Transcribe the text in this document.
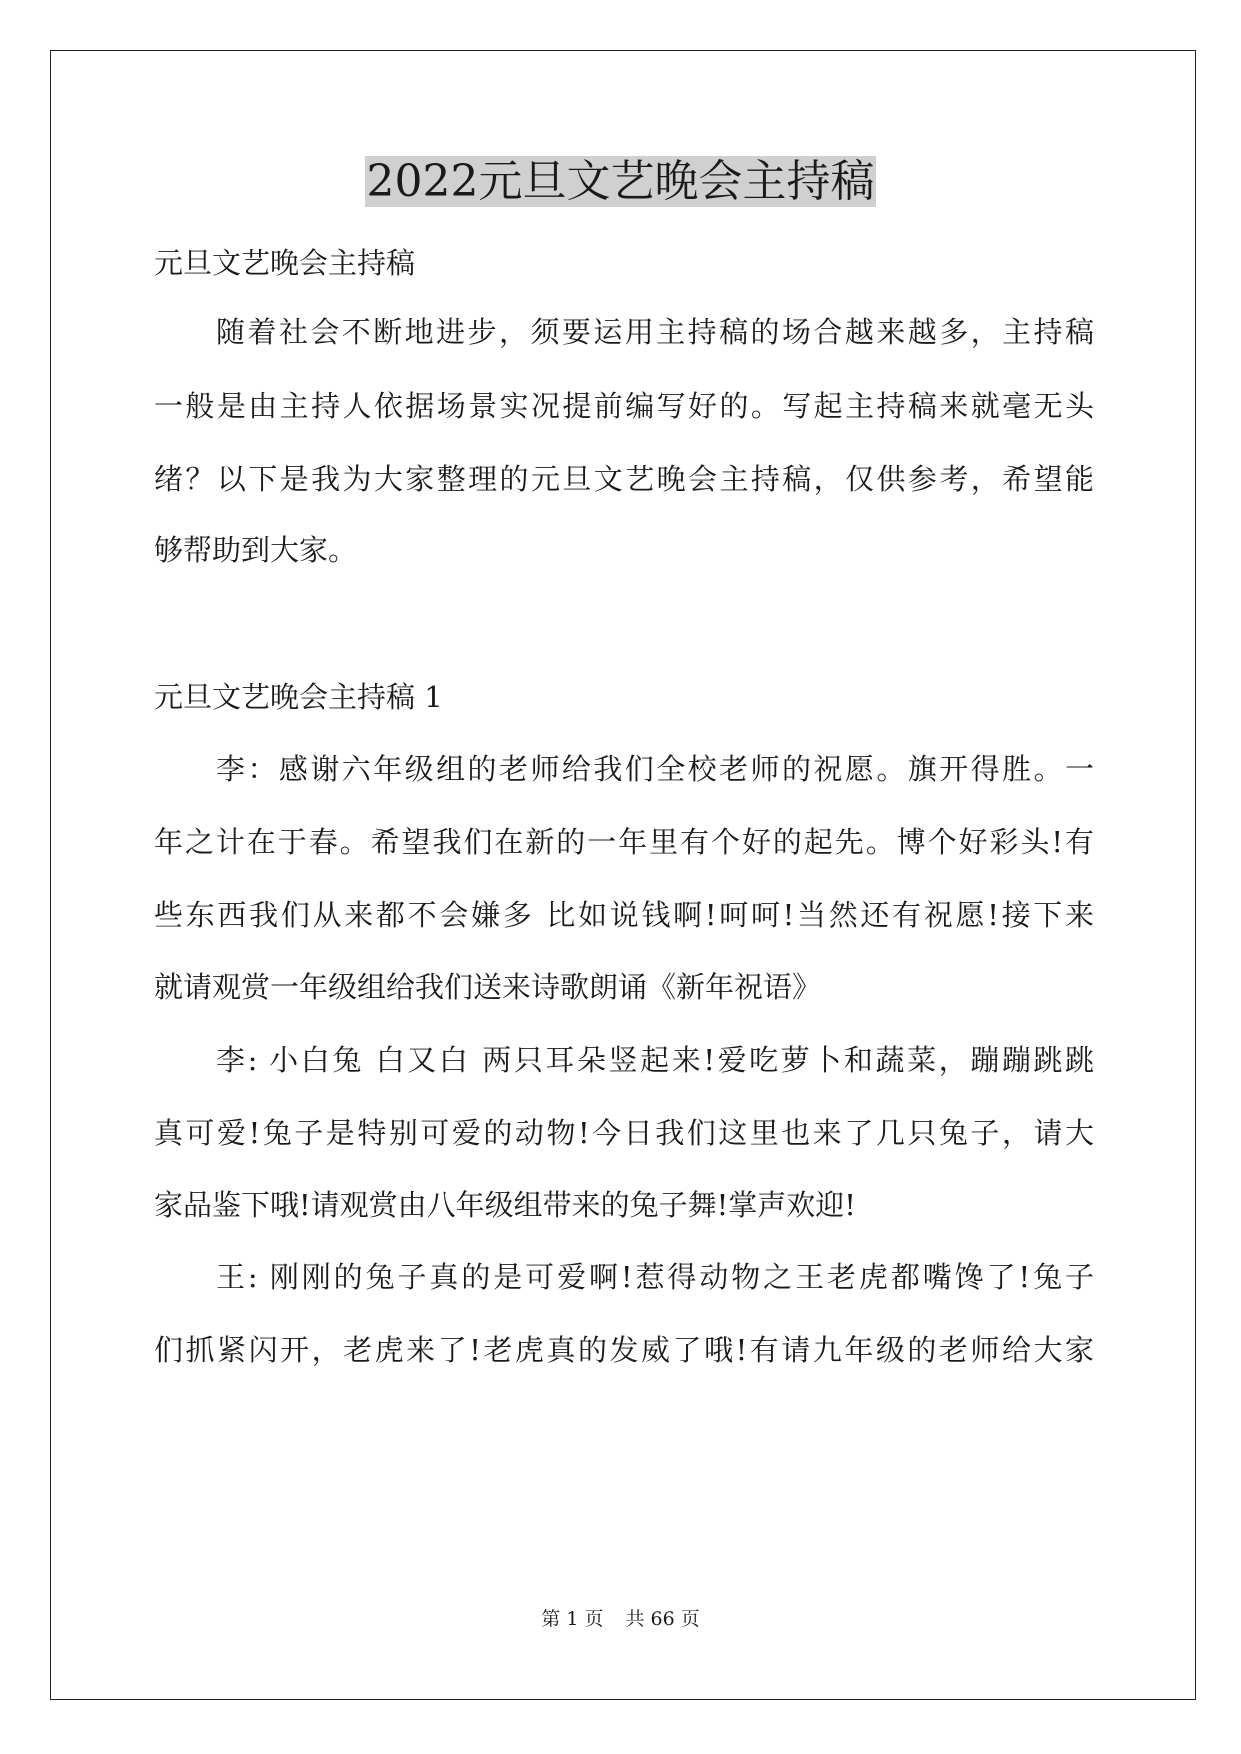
2022元旦文艺晚会主持稿

元旦文艺晚会主持稿

随着社会不断地进步，须要运用主持稿的场合越来越多，主持稿

一般是由主持人依据场景实况提前编写好的。写起主持稿来就毫无头

绪？以下是我为大家整理的元旦文艺晚会主持稿，仅供参考，希望能

够帮助到大家。

元旦文艺晚会主持稿 1

李：感谢六年级组的老师给我们全校老师的祝愿。旗开得胜。一

年之计在于春。希望我们在新的一年里有个好的起先。博个好彩头!有

些东西我们从来都不会嫌多 比如说钱啊!呵呵!当然还有祝愿!接下来

就请观赏一年级组给我们送来诗歌朗诵《新年祝语》

李: 小白兔 白又白 两只耳朵竖起来!爱吃萝卜和蔬菜，蹦蹦跳跳

真可爱!兔子是特别可爱的动物!今日我们这里也来了几只兔子，请大

家品鉴下哦!请观赏由八年级组带来的兔子舞!掌声欢迎!

王: 刚刚的兔子真的是可爱啊!惹得动物之王老虎都嘴馋了!兔子

们抓紧闪开，老虎来了!老虎真的发威了哦!有请九年级的老师给大家

第 1 页 共 66 页
